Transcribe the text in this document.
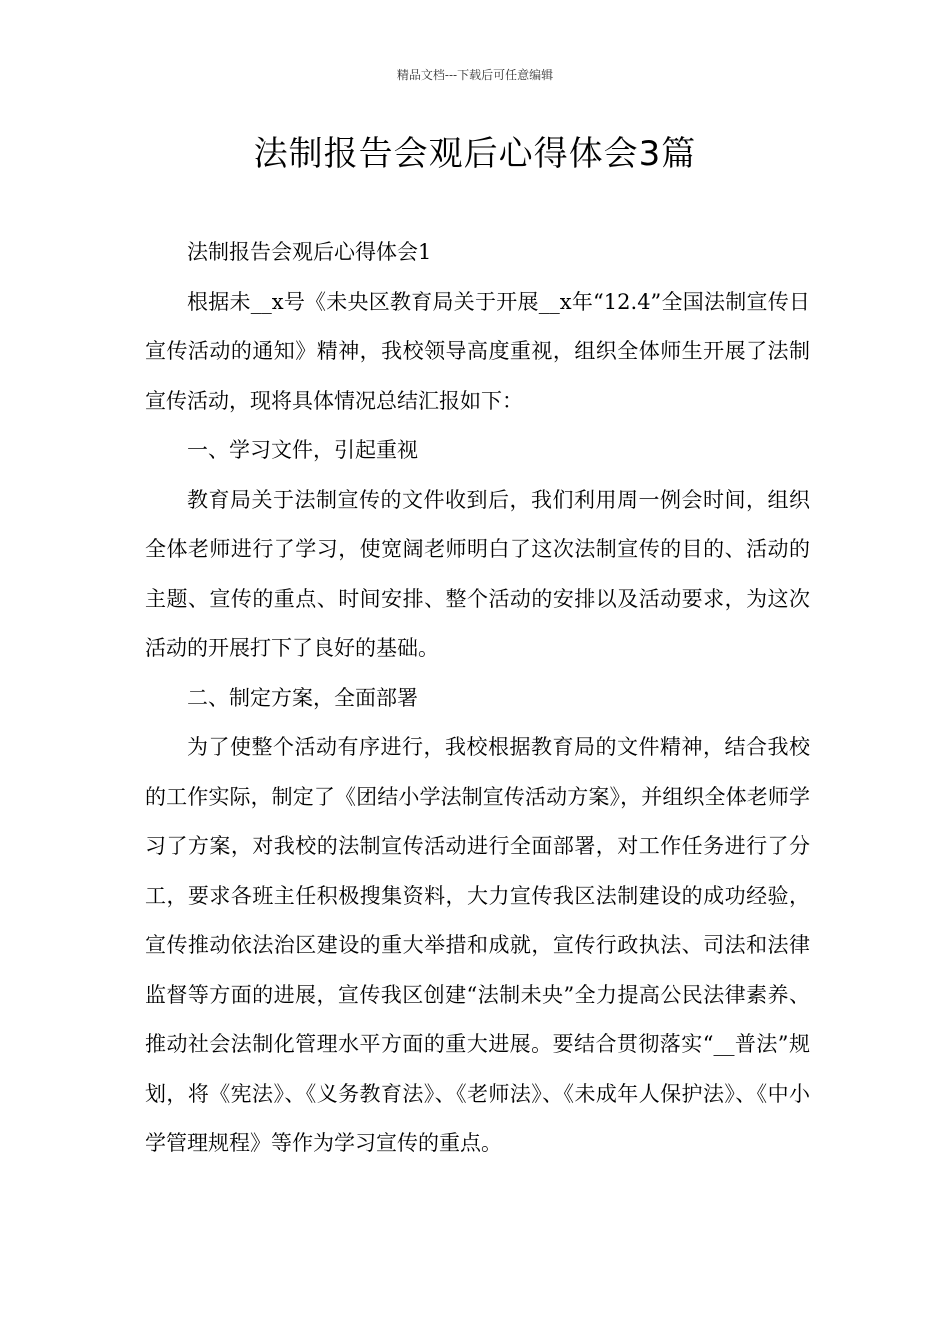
精品文档---下载后可任意编辑
法制报告会观后心得体会3篇

法制报告会观后心得体会1

根据未__x号《未央区教育局关于开展__x年“12.4”全国法制宣传日宣传活动的通知》精神，我校领导高度重视，组织全体师生开展了法制宣传活动，现将具体情况总结汇报如下：

一、学习文件，引起重视

教育局关于法制宣传的文件收到后，我们利用周一例会时间，组织全体老师进行了学习，使宽阔老师明白了这次法制宣传的目的、活动的主题、宣传的重点、时间安排、整个活动的安排以及活动要求，为这次活动的开展打下了良好的基础。

二、制定方案，全面部署

为了使整个活动有序进行，我校根据教育局的文件精神，结合我校的工作实际，制定了《团结小学法制宣传活动方案》，并组织全体老师学习了方案，对我校的法制宣传活动进行全面部署，对工作任务进行了分工，要求各班主任积极搜集资料，大力宣传我区法制建设的成功经验，宣传推动依法治区建设的重大举措和成就，宣传行政执法、司法和法律监督等方面的进展，宣传我区创建“法制未央”全力提高公民法律素养、推动社会法制化管理水平方面的重大进展。要结合贯彻落实“__普法”规划，将《宪法》、《义务教育法》、《老师法》、《未成年人保护法》、《中小学管理规程》等作为学习宣传的重点。
